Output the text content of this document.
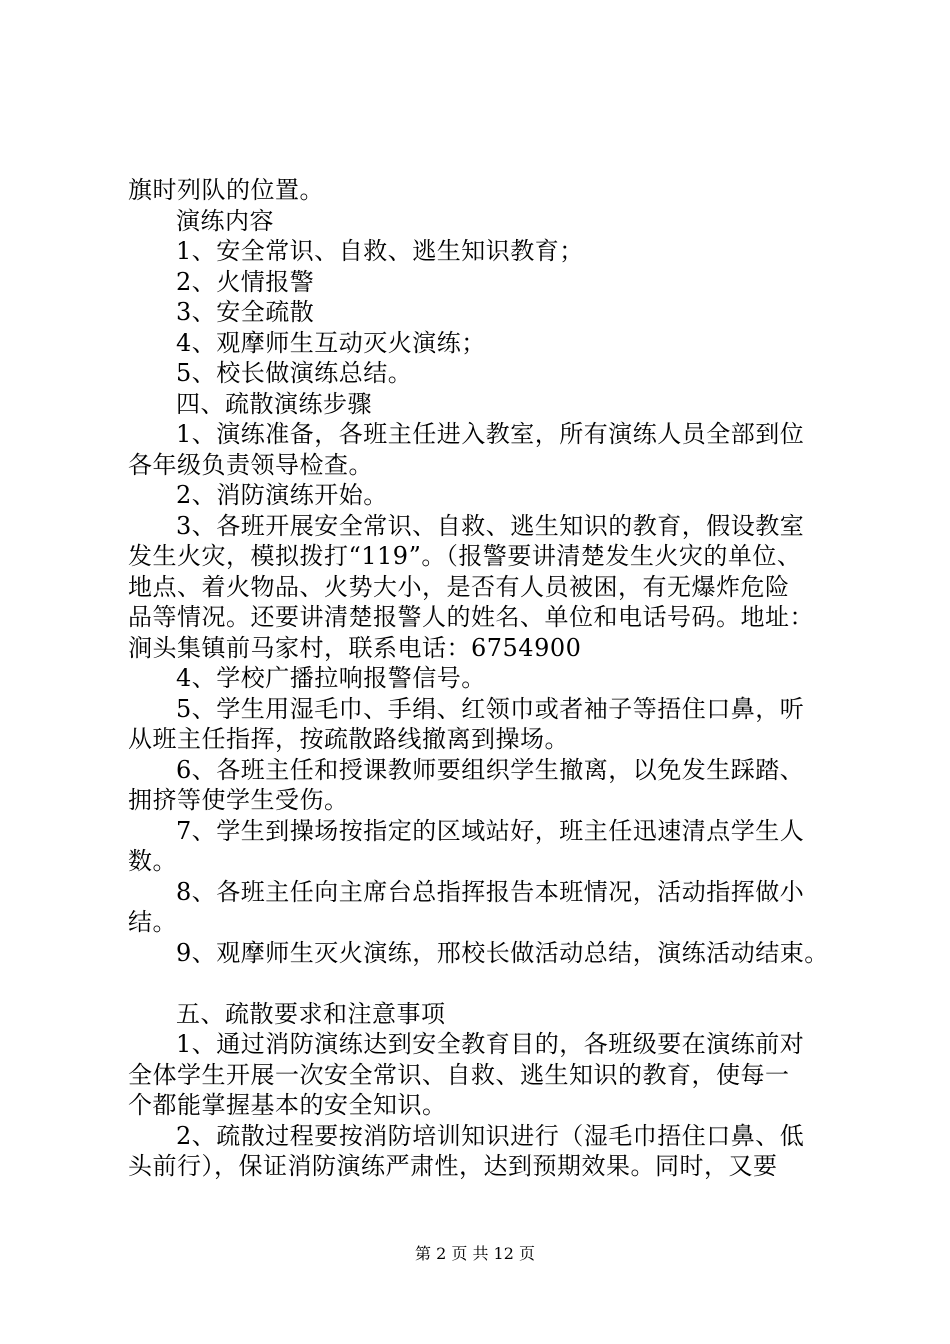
旗时列队的位置。
演练内容
1、安全常识、自救、逃生知识教育；
2、火情报警
3、安全疏散
4、观摩师生互动灭火演练；
5、校长做演练总结。
四、疏散演练步骤
1、演练准备，各班主任进入教室，所有演练人员全部到位
各年级负责领导检查。
2、消防演练开始。
3、各班开展安全常识、自救、逃生知识的教育，假设教室
发生火灾，模拟拨打“119”。（报警要讲清楚发生火灾的单位、
地点、着火物品、火势大小，是否有人员被困，有无爆炸危险
品等情况。还要讲清楚报警人的姓名、单位和电话号码。地址：
涧头集镇前马家村，联系电话：6754900
4、学校广播拉响报警信号。
5、学生用湿毛巾、手绢、红领巾或者袖子等捂住口鼻，听
从班主任指挥，按疏散路线撤离到操场。
6、各班主任和授课教师要组织学生撤离，以免发生踩踏、
拥挤等使学生受伤。
7、学生到操场按指定的区域站好，班主任迅速清点学生人
数。
8、各班主任向主席台总指挥报告本班情况，活动指挥做小
结。
9、观摩师生灭火演练，邢校长做活动总结，演练活动结束。
五、疏散要求和注意事项
1、通过消防演练达到安全教育目的，各班级要在演练前对
全体学生开展一次安全常识、自救、逃生知识的教育，使每一
个都能掌握基本的安全知识。
2、疏散过程要按消防培训知识进行（湿毛巾捂住口鼻、低
头前行），保证消防演练严肃性，达到预期效果。同时，又要
第 2 页 共 12 页
